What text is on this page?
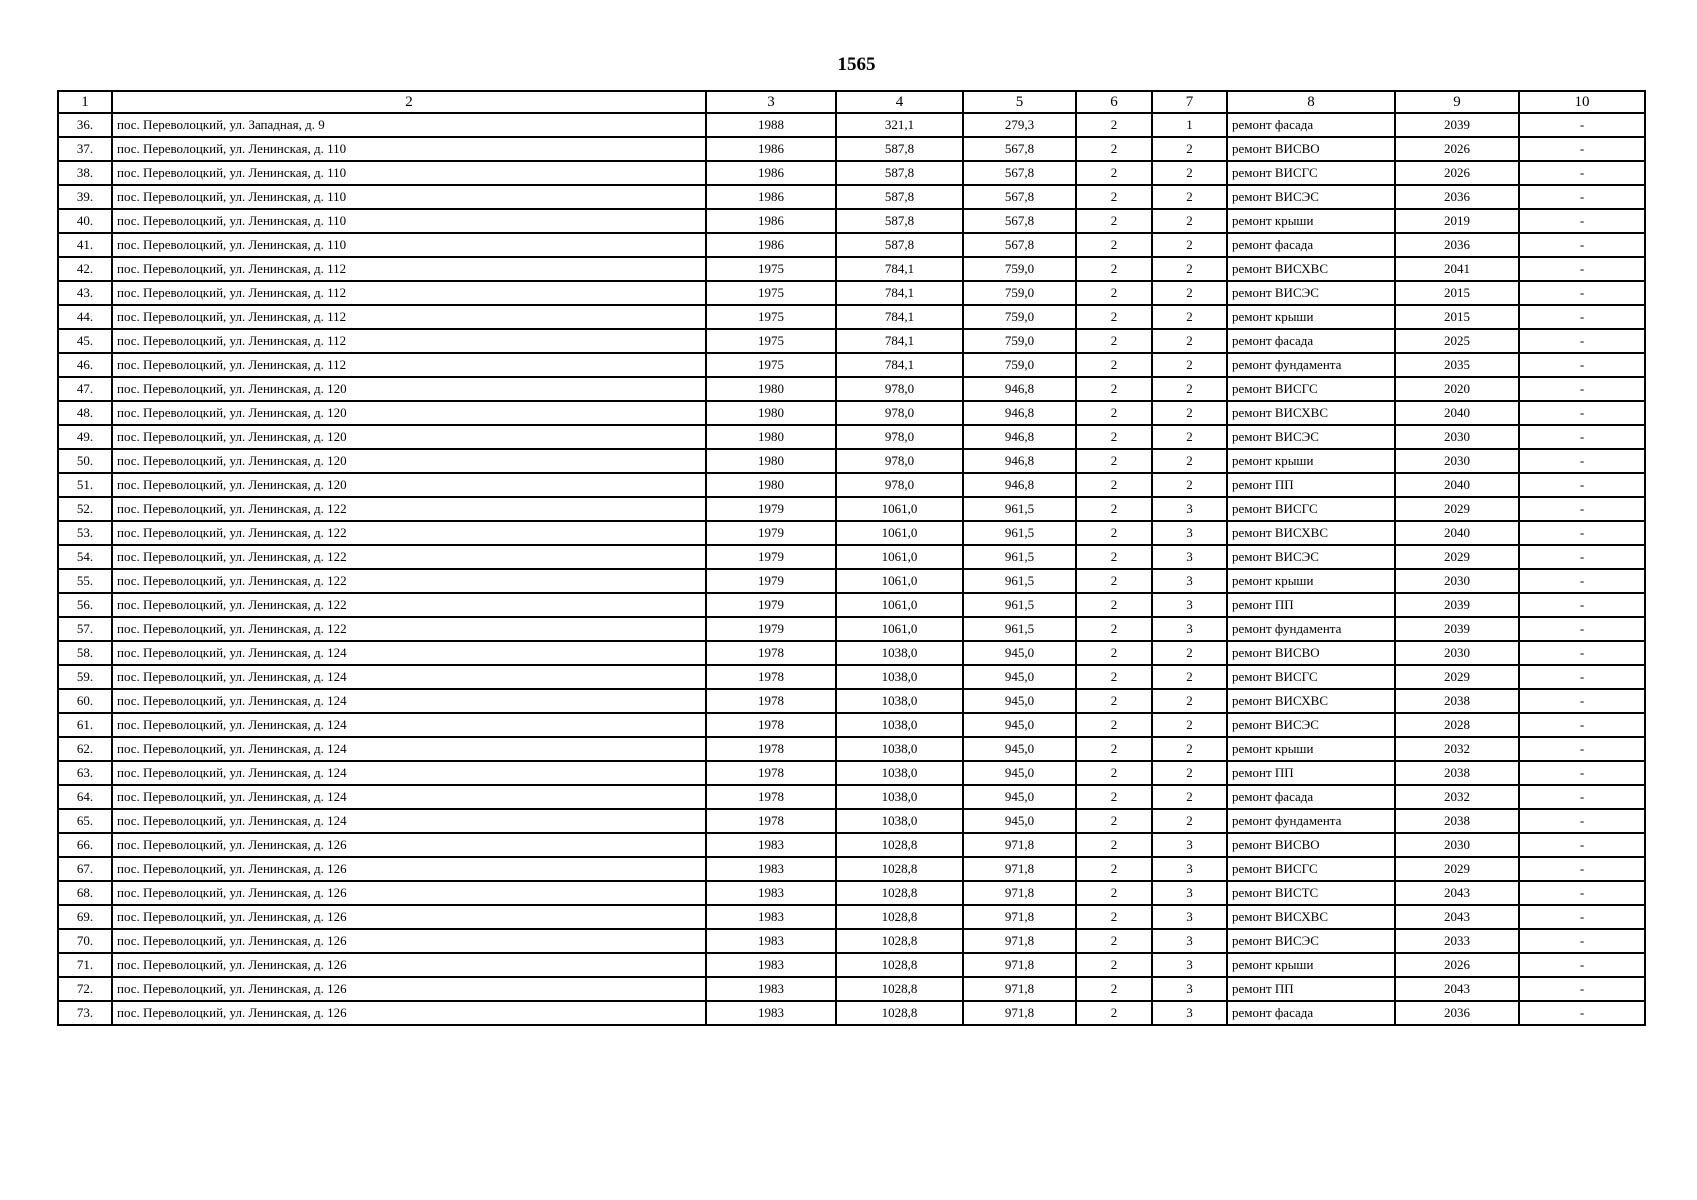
1565
1	2	3	4	5	6	7	8	9	10
36.	пос. Переволоцкий, ул. Западная, д. 9	1988	321,1	279,3	2	1	ремонт фасада	2039	-
37.	пос. Переволоцкий, ул. Ленинская, д. 110	1986	587,8	567,8	2	2	ремонт ВИСВО	2026	-
38.	пос. Переволоцкий, ул. Ленинская, д. 110	1986	587,8	567,8	2	2	ремонт ВИСГС	2026	-
39.	пос. Переволоцкий, ул. Ленинская, д. 110	1986	587,8	567,8	2	2	ремонт ВИСЭС	2036	-
40.	пос. Переволоцкий, ул. Ленинская, д. 110	1986	587,8	567,8	2	2	ремонт крыши	2019	-
41.	пос. Переволоцкий, ул. Ленинская, д. 110	1986	587,8	567,8	2	2	ремонт фасада	2036	-
42.	пос. Переволоцкий, ул. Ленинская, д. 112	1975	784,1	759,0	2	2	ремонт ВИСХВС	2041	-
43.	пос. Переволоцкий, ул. Ленинская, д. 112	1975	784,1	759,0	2	2	ремонт ВИСЭС	2015	-
44.	пос. Переволоцкий, ул. Ленинская, д. 112	1975	784,1	759,0	2	2	ремонт крыши	2015	-
45.	пос. Переволоцкий, ул. Ленинская, д. 112	1975	784,1	759,0	2	2	ремонт фасада	2025	-
46.	пос. Переволоцкий, ул. Ленинская, д. 112	1975	784,1	759,0	2	2	ремонт фундамента	2035	-
47.	пос. Переволоцкий, ул. Ленинская, д. 120	1980	978,0	946,8	2	2	ремонт ВИСГС	2020	-
48.	пос. Переволоцкий, ул. Ленинская, д. 120	1980	978,0	946,8	2	2	ремонт ВИСХВС	2040	-
49.	пос. Переволоцкий, ул. Ленинская, д. 120	1980	978,0	946,8	2	2	ремонт ВИСЭС	2030	-
50.	пос. Переволоцкий, ул. Ленинская, д. 120	1980	978,0	946,8	2	2	ремонт крыши	2030	-
51.	пос. Переволоцкий, ул. Ленинская, д. 120	1980	978,0	946,8	2	2	ремонт ПП	2040	-
52.	пос. Переволоцкий, ул. Ленинская, д. 122	1979	1061,0	961,5	2	3	ремонт ВИСГС	2029	-
53.	пос. Переволоцкий, ул. Ленинская, д. 122	1979	1061,0	961,5	2	3	ремонт ВИСХВС	2040	-
54.	пос. Переволоцкий, ул. Ленинская, д. 122	1979	1061,0	961,5	2	3	ремонт ВИСЭС	2029	-
55.	пос. Переволоцкий, ул. Ленинская, д. 122	1979	1061,0	961,5	2	3	ремонт крыши	2030	-
56.	пос. Переволоцкий, ул. Ленинская, д. 122	1979	1061,0	961,5	2	3	ремонт ПП	2039	-
57.	пос. Переволоцкий, ул. Ленинская, д. 122	1979	1061,0	961,5	2	3	ремонт фундамента	2039	-
58.	пос. Переволоцкий, ул. Ленинская, д. 124	1978	1038,0	945,0	2	2	ремонт ВИСВО	2030	-
59.	пос. Переволоцкий, ул. Ленинская, д. 124	1978	1038,0	945,0	2	2	ремонт ВИСГС	2029	-
60.	пос. Переволоцкий, ул. Ленинская, д. 124	1978	1038,0	945,0	2	2	ремонт ВИСХВС	2038	-
61.	пос. Переволоцкий, ул. Ленинская, д. 124	1978	1038,0	945,0	2	2	ремонт ВИСЭС	2028	-
62.	пос. Переволоцкий, ул. Ленинская, д. 124	1978	1038,0	945,0	2	2	ремонт крыши	2032	-
63.	пос. Переволоцкий, ул. Ленинская, д. 124	1978	1038,0	945,0	2	2	ремонт ПП	2038	-
64.	пос. Переволоцкий, ул. Ленинская, д. 124	1978	1038,0	945,0	2	2	ремонт фасада	2032	-
65.	пос. Переволоцкий, ул. Ленинская, д. 124	1978	1038,0	945,0	2	2	ремонт фундамента	2038	-
66.	пос. Переволоцкий, ул. Ленинская, д. 126	1983	1028,8	971,8	2	3	ремонт ВИСВО	2030	-
67.	пос. Переволоцкий, ул. Ленинская, д. 126	1983	1028,8	971,8	2	3	ремонт ВИСГС	2029	-
68.	пос. Переволоцкий, ул. Ленинская, д. 126	1983	1028,8	971,8	2	3	ремонт ВИСТС	2043	-
69.	пос. Переволоцкий, ул. Ленинская, д. 126	1983	1028,8	971,8	2	3	ремонт ВИСХВС	2043	-
70.	пос. Переволоцкий, ул. Ленинская, д. 126	1983	1028,8	971,8	2	3	ремонт ВИСЭС	2033	-
71.	пос. Переволоцкий, ул. Ленинская, д. 126	1983	1028,8	971,8	2	3	ремонт крыши	2026	-
72.	пос. Переволоцкий, ул. Ленинская, д. 126	1983	1028,8	971,8	2	3	ремонт ПП	2043	-
73.	пос. Переволоцкий, ул. Ленинская, д. 126	1983	1028,8	971,8	2	3	ремонт фасада	2036	-
